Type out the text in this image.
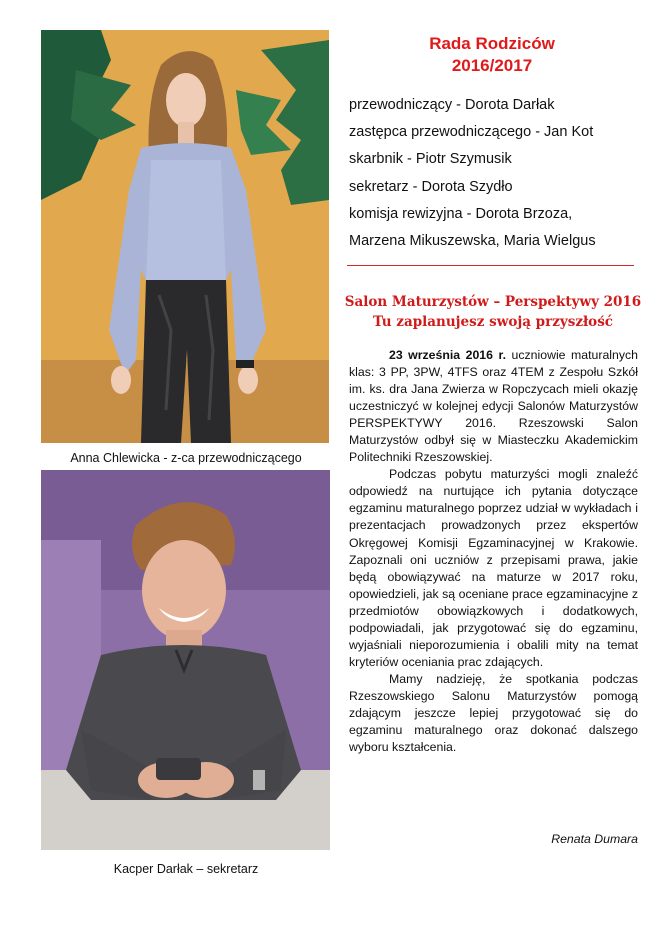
Anna Chlewicka - z-ca przewodniczącego
Kacper Darłak – sekretarz
Rada Rodziców
2016/2017
przewodniczący - Dorota Darłak
zastępca przewodniczącego - Jan Kot
skarbnik - Piotr Szymusik
sekretarz - Dorota Szydło
komisja rewizyjna - Dorota Brzoza,
Marzena Mikuszewska, Maria Wielgus
Salon Maturzystów – Perspektywy 2016
Tu zaplanujesz swoją przyszłość

23 września 2016 r. uczniowie maturalnych klas: 3 PP, 3PW, 4TFS oraz 4TEM z Zespołu Szkół im. ks. dra Jana Zwierza w Ropczycach mieli okazję uczestniczyć w kolejnej edycji Salonów Maturzystów PERSPEKTYWY 2016. Rzeszowski Salon Maturzystów odbył się w Miasteczku Akademickim Politechniki Rzeszowskiej.

Podczas pobytu maturzyści mogli znaleźć odpowiedź na nurtujące ich pytania dotyczące egzaminu maturalnego poprzez udział w wykładach i prezentacjach prowadzonych przez ekspertów Okręgowej Komisji Egzaminacyjnej w Krakowie. Zapoznali oni uczniów z przepisami prawa, jakie będą obowiązywać na maturze w 2017 roku, opowiedzieli, jak są oceniane prace egzaminacyjne z przedmiotów obowiązkowych i dodatkowych, podpowiadali, jak przygotować się do egzaminu, wyjaśniali nieporozumienia i obalili mity na temat kryteriów oceniania prac zdających.

Mamy nadzieję, że spotkania podczas Rzeszowskiego Salonu Maturzystów pomogą zdającym jeszcze lepiej przygotować się do egzaminu maturalnego oraz dokonać dalszego wyboru kształcenia.

Renata Dumara
